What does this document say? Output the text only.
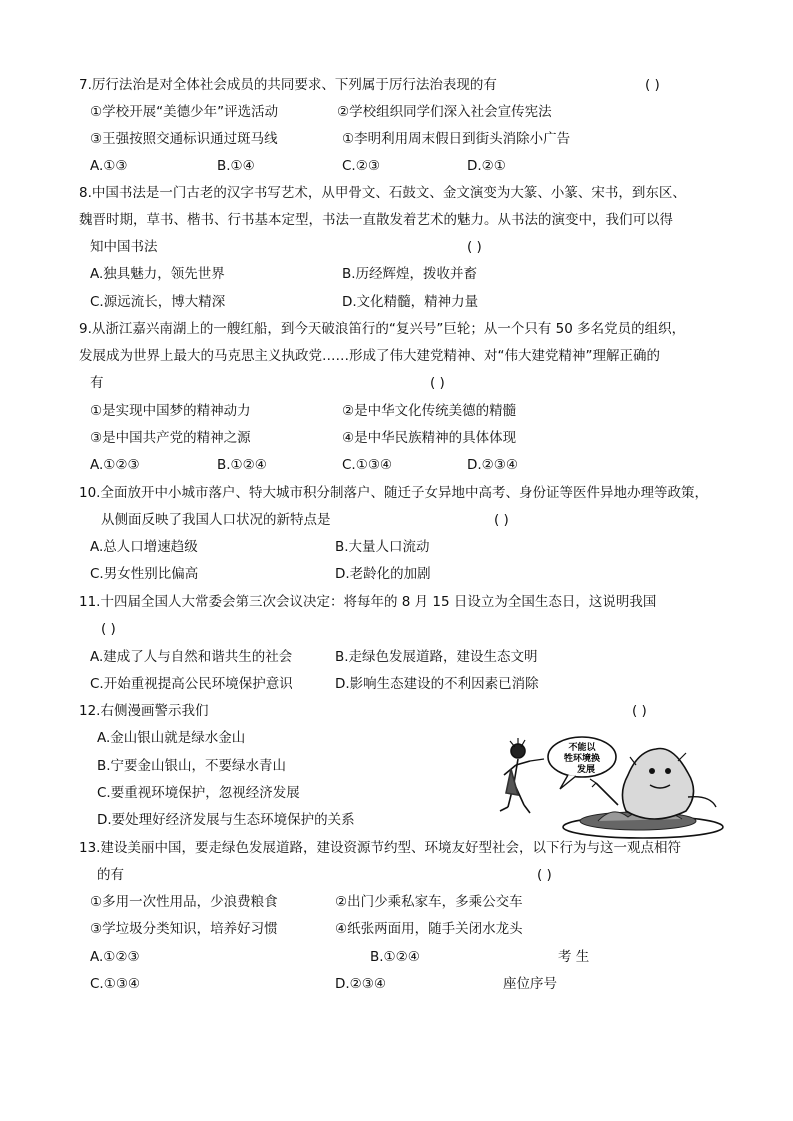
7.厉行法治是对全体社会成员的共同要求、下列属于厉行法治表现的有	( )
①学校开展“美德少年”评选活动	②学校组织同学们深入社会宣传宪法
③王强按照交通标识通过斑马线	①李明利用周末假日到街头消除小广告
A.①③	B.①④	C.②③	D.②①
8.中国书法是一门古老的汉字书写艺术，从甲骨文、石鼓文、金文演变为大篆、小篆、宋书，到东区、
魏晋时期，草书、楷书、行书基本定型，书法一直散发着艺术的魅力。从书法的演变中，我们可以得
知中国书法	( )
A.独具魅力，领先世界	B.历经辉煌，拨收并畜
C.源远流长，博大精深	D.文化精髓，精神力量
9.从浙江嘉兴南湖上的一艘红船，到今天破浪笛行的“复兴号”巨轮；从一个只有 50 多名党员的组织，
发展成为世界上最大的马克思主义执政党……形成了伟大建党精神、对“伟大建党精神”理解正确的
有	( )
①是实现中国梦的精神动力	②是中华文化传统美德的精髓
③是中国共产党的精神之源	④是中华民族精神的具体体现
A.①②③	B.①②④	C.①③④	D.②③④
10.全面放开中小城市落户、特大城市积分制落户、随迁子女异地中高考、身份证等医件异地办理等政策，
从侧面反映了我国人口状况的新特点是	( )
A.总人口增速趋级	B.大量人口流动
C.男女性别比偏高	D.老龄化的加剧
11.十四届全国人大常委会第三次会议决定：将每年的 8 月 15 日设立为全国生态日，这说明我国
( )
A.建成了人与自然和谐共生的社会	B.走绿色发展道路，建设生态文明
C.开始重视提高公民环境保护意识	D.影响生态建设的不利因素已消除
12.右侧漫画警示我们	( )
A.金山银山就是绿水金山
B.宁要金山银山，不要绿水青山
C.要重视环境保护，忽视经济发展
D.要处理好经济发展与生态环境保护的关系
不能以
牲环境换
发展
13.建设美丽中国，要走绿色发展道路，建设资源节约型、环境友好型社会，以下行为与这一观点相符
的有	( )
①多用一次性用品，少浪费粮食	②出门少乘私家车，多乘公交车
③学垃圾分类知识，培养好习惯	④纸张两面用，随手关闭水龙头
A.①②③	B.①②④	考 生
C.①③④	D.②③④	座位序号
